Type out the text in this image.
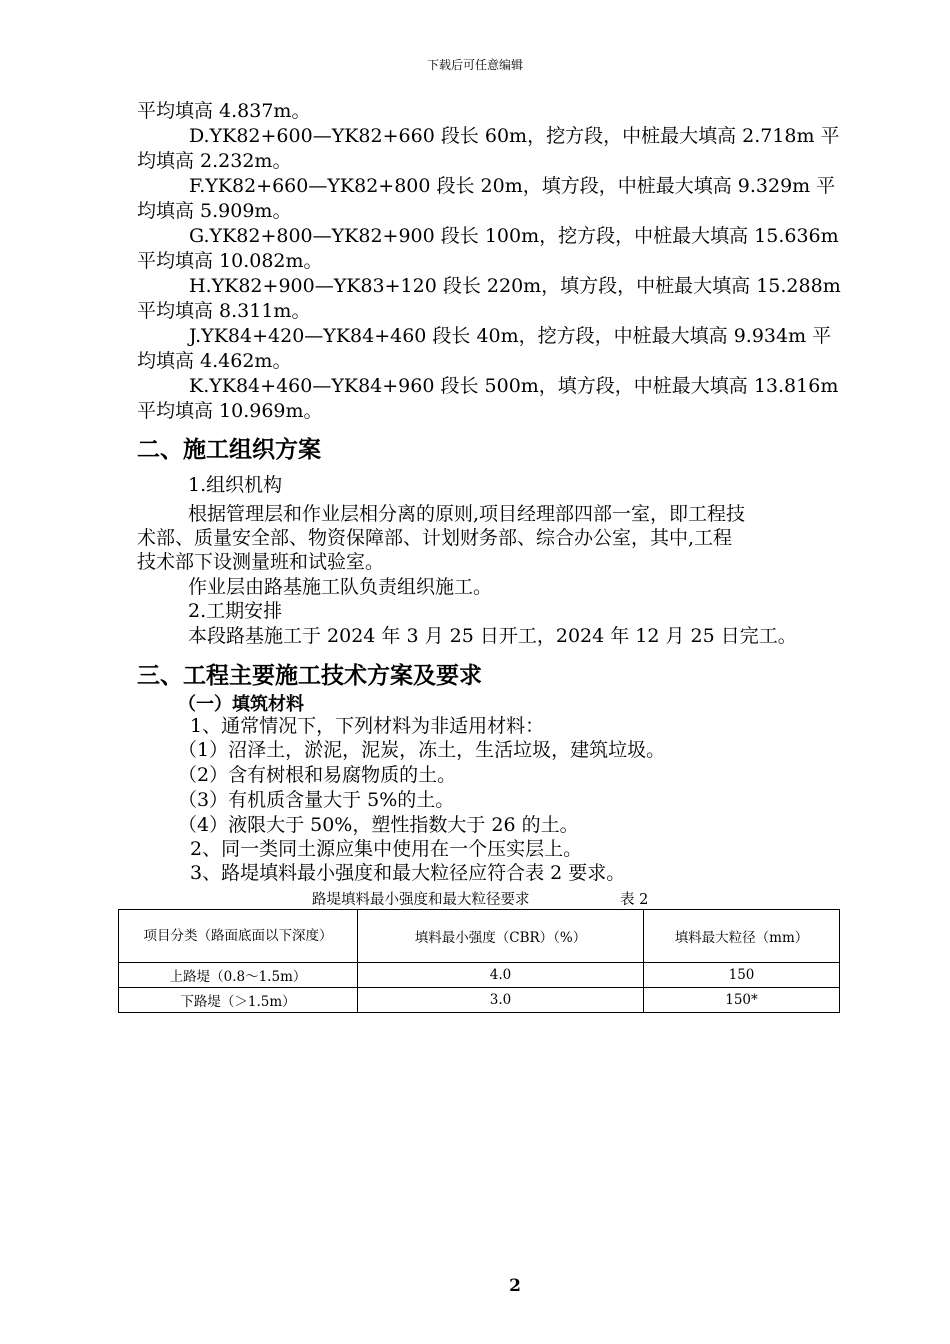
下载后可任意编辑

平均填高 4.837m。

D.YK82+600—YK82+660 段长 60m，挖方段，中桩最大填高 2.718m 平

均填高 2.232m。

F.YK82+660—YK82+800 段长 20m，填方段，中桩最大填高 9.329m 平

均填高 5.909m。

G.YK82+800—YK82+900 段长 100m，挖方段，中桩最大填高 15.636m

平均填高 10.082m。

H.YK82+900—YK83+120 段长 220m，填方段，中桩最大填高 15.288m

平均填高 8.311m。

J.YK84+420—YK84+460 段长 40m，挖方段，中桩最大填高 9.934m 平

均填高 4.462m。

K.YK84+460—YK84+960 段长 500m，填方段，中桩最大填高 13.816m

平均填高 10.969m。

二、施工组织方案

1.组织机构

根据管理层和作业层相分离的原则,项目经理部四部一室，即工程技

术部、质量安全部、物资保障部、计划财务部、综合办公室，其中,工程

技术部下设测量班和试验室。

作业层由路基施工队负责组织施工。

2.工期安排

本段路基施工于 2024 年 3 月 25 日开工，2024 年 12 月 25 日完工。

三、工程主要施工技术方案及要求

（一）填筑材料

1、通常情况下，下列材料为非适用材料：

（1）沼泽土，淤泥，泥炭，冻土，生活垃圾，建筑垃圾。

（2）含有树根和易腐物质的土。

（3）有机质含量大于 5%的土。

（4）液限大于 50%，塑性指数大于 26 的土。

2、同一类同土源应集中使用在一个压实层上。

3、路堤填料最小强度和最大粒径应符合表 2 要求。

路堤填料最小强度和最大粒径要求	表 2

项目分类（路面底面以下深度）	填料最小强度（CBR）（%）	填料最大粒径（mm）
上路堤（0.8～1.5m）	4.0	150
下路堤（＞1.5m）	3.0	150*
2
